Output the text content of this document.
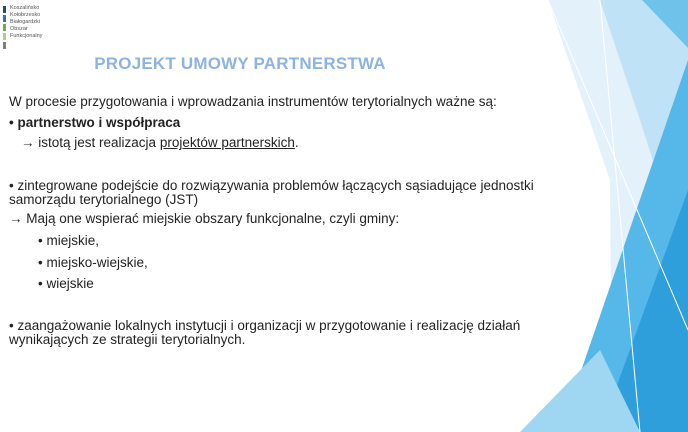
Koszalińsko
Kołobrzesko
Białogardzki
Obszar
Funkcjonalny
PROJEKT UMOWY PARTNERSTWA
W procesie przygotowania i wprowadzania instrumentów terytorialnych ważne są:
• partnerstwo i współpraca
→ istotą jest realizacja projektów partnerskich.
• zintegrowane podejście do rozwiązywania problemów łączących sąsiadujące jednostki
samorządu terytorialnego (JST)
→ Mają one wspierać miejskie obszary funkcjonalne, czyli gminy:
• miejskie,
• miejsko-wiejskie,
• wiejskie
• zaangażowanie lokalnych instytucji i organizacji w przygotowanie i realizację działań
wynikających ze strategii terytorialnych.
